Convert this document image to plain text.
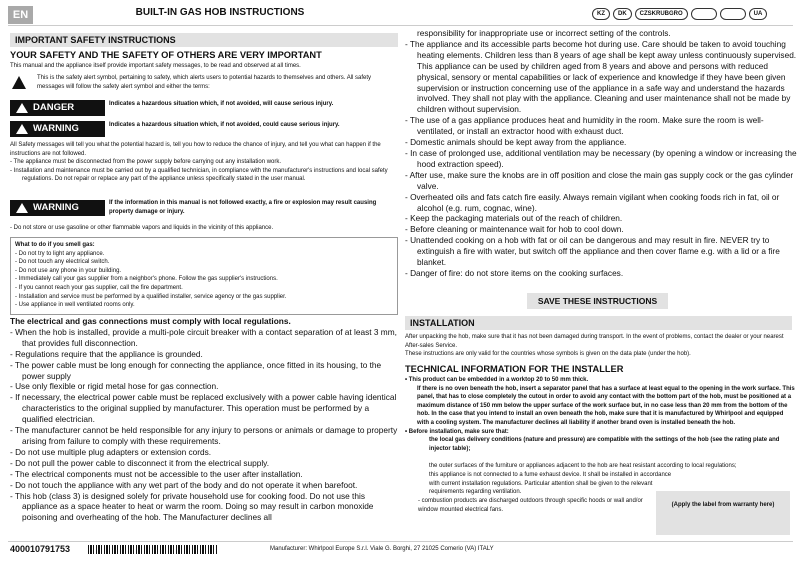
EN	BUILT-IN GAS HOB INSTRUCTIONS	KZ	DK	CZSKRUBGRO	UA
IMPORTANT SAFETY INSTRUCTIONS
YOUR SAFETY AND THE SAFETY OF OTHERS ARE VERY IMPORTANT
This manual and the appliance itself provide important safety messages, to be read and observed at all times.
This is the safety alert symbol, pertaining to safety, which alerts users to potential hazards to themselves and others. All safety messages will follow the safety alert symbol and either the terms:
DANGER	Indicates a hazardous situation which, if not avoided, will cause serious injury.
WARNING	Indicates a hazardous situation which, if not avoided, could cause serious injury.
All Safety messages will tell you what the potential hazard is, tell you how to reduce the chance of injury, and tell you what can happen if the instructions are not followed.
- The appliance must be disconnected from the power supply before carrying out any installation work.
- Installation and maintenance must be carried out by a qualified technician, in compliance with the manufacturer's instructions and local safety regulations. Do not repair or replace any part of the appliance unless specifically stated in the user manual.
WARNING	If the information in this manual is not followed exactly, a fire or explosion may result causing property damage or injury.
- Do not store or use gasoline or other flammable vapors and liquids in the vicinity of this appliance.
What to do if you smell gas:
- Do not try to light any appliance.
- Do not touch any electrical switch.
- Do not use any phone in your building.
- Immediately call your gas supplier from a neighbor's phone. Follow the gas supplier's instructions.
- If you cannot reach your gas supplier, call the fire department.
- Installation and service must be performed by a qualified installer, service agency or the gas supplier.
- Use appliance in well ventilated rooms only.
The electrical and gas connections must comply with local regulations.
- When the hob is installed, provide a multi-pole circuit breaker with a contact separation of at least 3 mm, that provides full disconnection.
- Regulations require that the appliance is grounded.
- The power cable must be long enough for connecting the appliance, once fitted in its housing, to the power supply
- Use only flexible or rigid metal hose for gas connection.
- If necessary, the electrical power cable must be replaced exclusively with a power cable having identical characteristics to the original supplied by manufacturer. This operation must be performed by a qualified electrician.
- The manufacturer cannot be held responsible for any injury to persons or animals or damage to property arising from failure to comply with these requirements.
- Do not use multiple plug adapters or extension cords.
- Do not pull the power cable to disconnect it from the electrical supply.
- The electrical components must not be accessible to the user after installation.
- Do not touch the appliance with any wet part of the body and do not operate it when barefoot.
- This hob (class 3) is designed solely for private household use for cooking food. Do not use this appliance as a space heater to heat or warm the room. Doing so may result in carbon monoxide poisoning and overheating of the hob. The Manufacturer declines all
responsibility for inappropriate use or incorrect setting of the controls.
- The appliance and its accessible parts become hot during use. Care should be taken to avoid touching heating elements. Children less than 8 years of age shall be kept away unless continuously supervised. This appliance can be used by children aged from 8 years and above and persons with reduced physical, sensory or mental capabilities or lack of experience and knowledge if they have been given supervision or instruction concerning use of the appliance in a safe way and understand the hazards involved. They shall not play with the appliance. Cleaning and user maintenance shall not be made by children without supervision.
- The use of a gas appliance produces heat and humidity in the room. Make sure the room is well-ventilated, or install an extractor hood with exhaust duct.
- Domestic animals should be kept away from the appliance.
- In case of prolonged use, additional ventilation may be necessary (by opening a window or increasing the hood extraction speed).
- After use, make sure the knobs are in off position and close the main gas supply cock or the gas cylinder valve.
- Overheated oils and fats catch fire easily. Always remain vigilant when cooking foods rich in fat, oil or alcohol (e.g. rum, cognac, wine).
- Keep the packaging materials out of the reach of children.
- Before cleaning or maintenance wait for hob to cool down.
- Unattended cooking on a hob with fat or oil can be dangerous and may result in fire. NEVER try to extinguish a fire with water, but switch off the appliance and then cover flame e.g. with a lid or a fire blanket.
- Danger of fire: do not store items on the cooking surfaces.
SAVE THESE INSTRUCTIONS
INSTALLATION
After unpacking the hob, make sure that it has not been damaged during transport. In the event of problems, contact the dealer or your nearest After-sales Service.
These instructions are only valid for the countries whose symbols is given on the data plate (under the hob).
TECHNICAL INFORMATION FOR THE INSTALLER
• This product can be embedded in a worktop 20 to 50 mm thick.
If there is no oven beneath the hob, insert a separator panel that has a surface at least equal to the opening in the work surface. This panel, that has to close completely the cutout in order to avoid any contact with the bottom part of the hob, must be positioned at a maximum distance of 150 mm below the upper surface of the work surface but, in no case less than 20 mm from the bottom of the hob. In the case that you intend to install an oven beneath the hob, make sure that it is manufactured by Whirlpool and equipped with a cooling system. The manufacturer declines all liability if another brand oven is installed beneath the hob.
• Before installation, make sure that:
the local gas delivery conditions (nature and pressure) are compatible with the settings of the hob (see the rating plate and injector table);
the outer surfaces of the furniture or appliances adjacent to the hob are heat resistant according to local regulations;
this appliance is not connected to a fume exhaust device. It shall be installed in accordance with current installation regulations. Particular attention shall be given to the relevant requirements regarding ventilation.
- combustion products are discharged outdoors through specific hoods or wall and/or window mounted electrical fans.
(Apply the label from warranty here)
400010791753	Manufacturer: Whirlpool Europe S.r.l. Viale G. Borghi, 27 21025 Comerio (VA) ITALY
